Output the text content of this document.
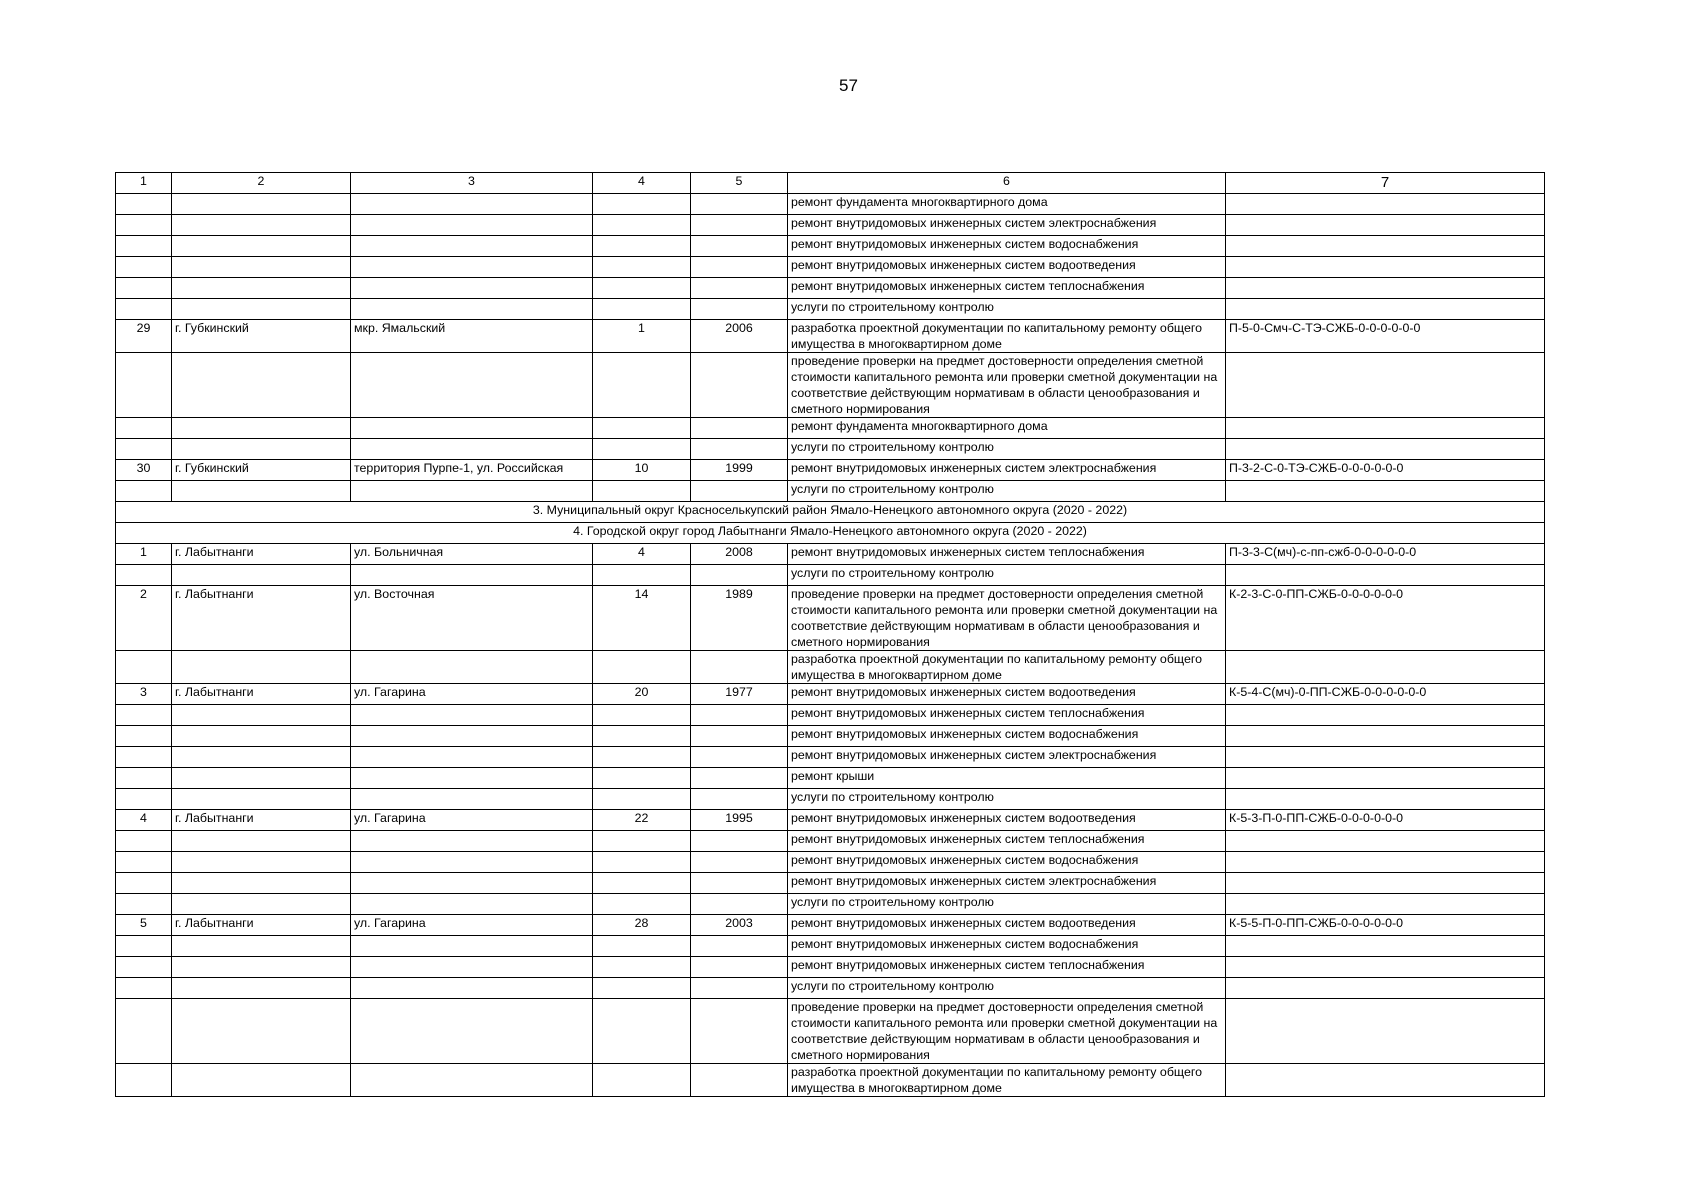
57
1	2	3	4	5	6	7
					ремонт фундамента многоквартирного дома	
					ремонт внутридомовых инженерных систем электроснабжения	
					ремонт внутридомовых инженерных систем водоснабжения	
					ремонт внутридомовых инженерных систем водоотведения	
					ремонт внутридомовых инженерных систем теплоснабжения	
					услуги по строительному контролю	
29	г. Губкинский	мкр. Ямальский	1	2006	разработка проектной документации по капитальному ремонту общего имущества в многоквартирном доме	П-5-0-Смч-С-ТЭ-СЖБ-0-0-0-0-0-0
					проведение проверки на предмет достоверности определения сметной стоимости капитального ремонта или проверки сметной документации на соответствие действующим нормативам в области ценообразования и сметного нормирования	
					ремонт фундамента многоквартирного дома	
					услуги по строительному контролю	
30	г. Губкинский	территория Пурпе-1, ул. Российская	10	1999	ремонт внутридомовых инженерных систем электроснабжения	П-3-2-С-0-ТЭ-СЖБ-0-0-0-0-0-0
					услуги по строительному контролю	
3. Муниципальный округ Красноселькупский район Ямало-Ненецкого автономного округа (2020 - 2022)						
4. Городской округ город Лабытнанги Ямало-Ненецкого автономного округа (2020 - 2022)						
1	г. Лабытнанги	ул. Больничная	4	2008	ремонт внутридомовых инженерных систем теплоснабжения	П-3-3-С(мч)-с-пп-сжб-0-0-0-0-0-0
					услуги по строительному контролю	
2	г. Лабытнанги	ул. Восточная	14	1989	проведение проверки на предмет достоверности определения сметной стоимости капитального ремонта или проверки сметной документации на соответствие действующим нормативам в области ценообразования и сметного нормирования	К-2-3-С-0-ПП-СЖБ-0-0-0-0-0-0
					разработка проектной документации по капитальному ремонту общего имущества в многоквартирном доме	
3	г. Лабытнанги	ул. Гагарина	20	1977	ремонт внутридомовых инженерных систем водоотведения	К-5-4-С(мч)-0-ПП-СЖБ-0-0-0-0-0-0
					ремонт внутридомовых инженерных систем теплоснабжения	
					ремонт внутридомовых инженерных систем водоснабжения	
					ремонт внутридомовых инженерных систем электроснабжения	
					ремонт крыши	
					услуги по строительному контролю	
4	г. Лабытнанги	ул. Гагарина	22	1995	ремонт внутридомовых инженерных систем водоотведения	К-5-3-П-0-ПП-СЖБ-0-0-0-0-0-0
					ремонт внутридомовых инженерных систем теплоснабжения	
					ремонт внутридомовых инженерных систем водоснабжения	
					ремонт внутридомовых инженерных систем электроснабжения	
					услуги по строительному контролю	
5	г. Лабытнанги	ул. Гагарина	28	2003	ремонт внутридомовых инженерных систем водоотведения	К-5-5-П-0-ПП-СЖБ-0-0-0-0-0-0
					ремонт внутридомовых инженерных систем водоснабжения	
					ремонт внутридомовых инженерных систем теплоснабжения	
					услуги по строительному контролю	
					проведение проверки на предмет достоверности определения сметной стоимости капитального ремонта или проверки сметной документации на соответствие действующим нормативам в области ценообразования и сметного нормирования	
					разработка проектной документации по капитальному ремонту общего имущества в многоквартирном доме	
